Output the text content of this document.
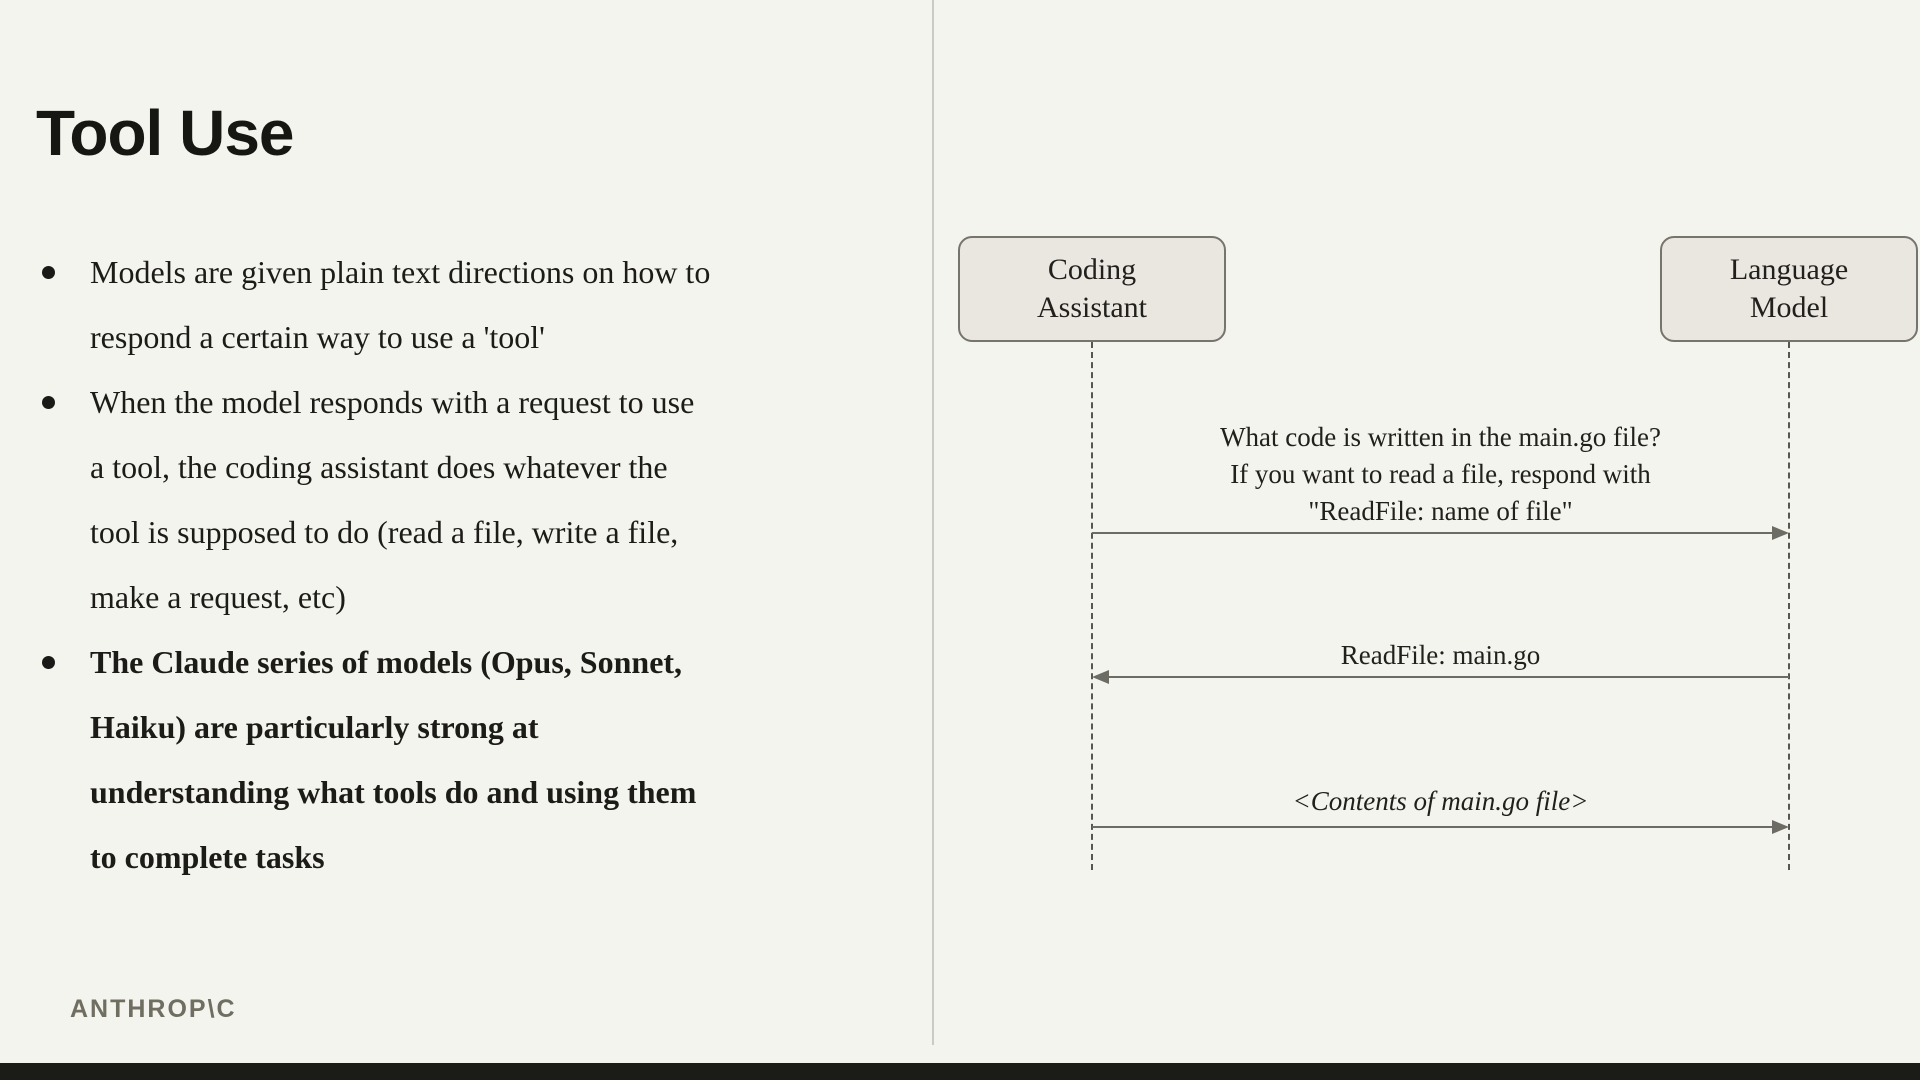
Tool Use
Models are given plain text directions on how to
respond a certain way to use a 'tool'
When the model responds with a request to use
a tool, the coding assistant does whatever the
tool is supposed to do (read a file, write a file,
make a request, etc)
The Claude series of models (Opus, Sonnet,
Haiku) are particularly strong at
understanding what tools do and using them
to complete tasks
ANTHROP\C
Coding
Assistant
Language
Model
What code is written in the main.go file?
If you want to read a file, respond with
"ReadFile: name of file"
ReadFile: main.go
<Contents of main.go file>
